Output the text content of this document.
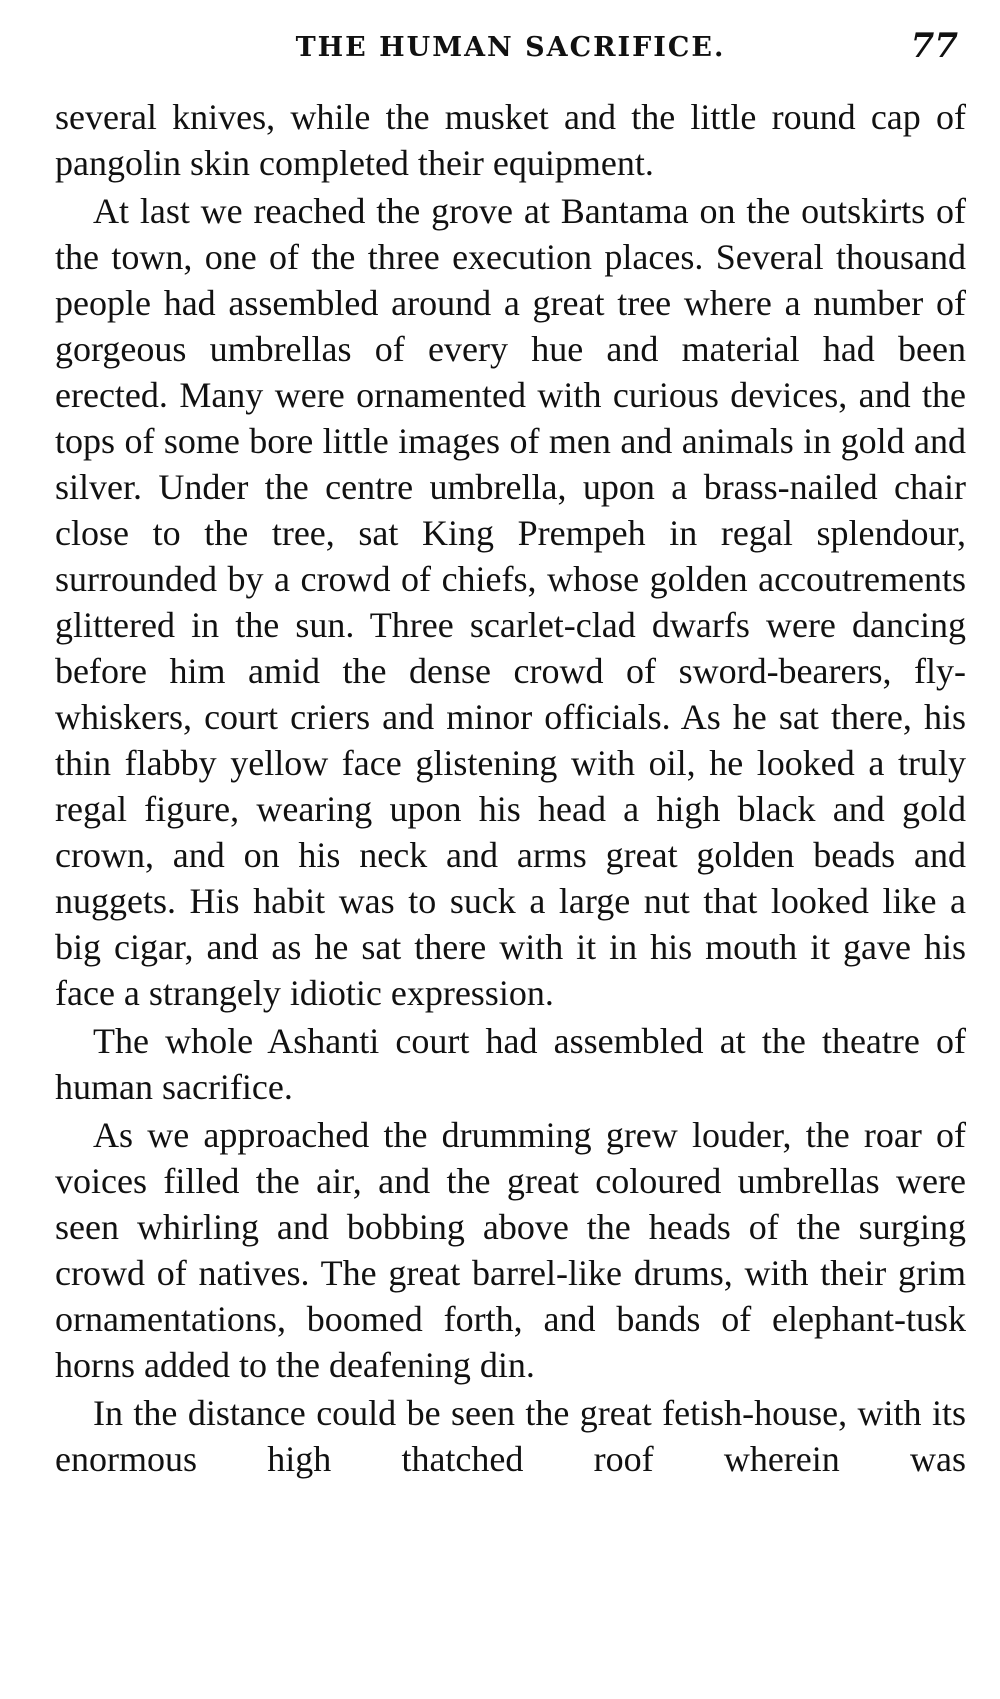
THE HUMAN SACRIFICE.	77

several knives, while the musket and the little round cap of pangolin skin completed their equipment.

At last we reached the grove at Bantama on the outskirts of the town, one of the three execution places. Several thousand people had assembled around a great tree where a number of gorgeous umbrellas of every hue and material had been erected. Many were ornamented with curious devices, and the tops of some bore little images of men and animals in gold and silver. Under the centre umbrella, upon a brass-nailed chair close to the tree, sat King Prempeh in regal splendour, surrounded by a crowd of chiefs, whose golden accoutrements glittered in the sun. Three scarlet-clad dwarfs were dancing before him amid the dense crowd of sword-bearers, fly-whiskers, court criers and minor officials. As he sat there, his thin flabby yellow face glistening with oil, he looked a truly regal figure, wearing upon his head a high black and gold crown, and on his neck and arms great golden beads and nuggets. His habit was to suck a large nut that looked like a big cigar, and as he sat there with it in his mouth it gave his face a strangely idiotic expression.

The whole Ashanti court had assembled at the theatre of human sacrifice.

As we approached the drumming grew louder, the roar of voices filled the air, and the great coloured umbrellas were seen whirling and bobbing above the heads of the surging crowd of natives. The great barrel-like drums, with their grim ornamentations, boomed forth, and bands of elephant-tusk horns added to the deafening din.

In the distance could be seen the great fetish-house, with its enormous high thatched roof wherein was
